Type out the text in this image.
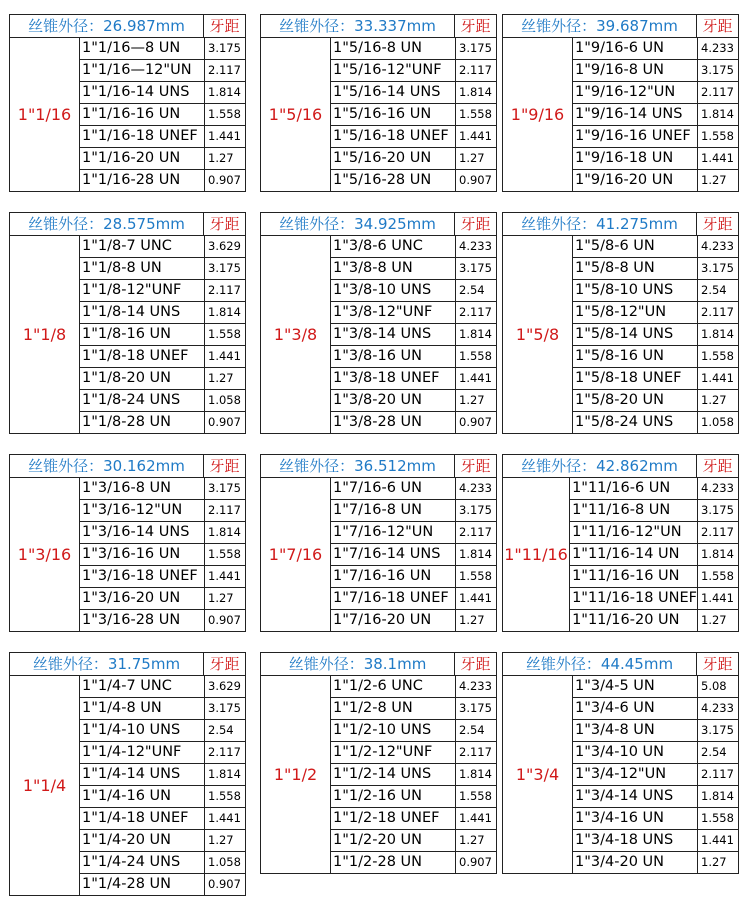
丝锥外径：26.987mm	牙距
1"1/16
1"1/16—8 UN	3.175
1"1/16—12"UN	2.117
1"1/16-14 UNS	1.814
1"1/16-16 UN	1.558
1"1/16-18 UNEF 1.441
1"1/16-20 UN	1.27
1"1/16-28 UN	0.907
丝锥外径：33.337mm	牙距
1"5/16
1"5/16-8 UN	3.175
1"5/16-12"UNF	2.117
1"5/16-14 UNS	1.814
1"5/16-16 UN	1.558
1"5/16-18 UNEF 1.441
1"5/16-20 UN	1.27
1"5/16-28 UN	0.907
丝锥外径：39.687mm	牙距
1"9/16
1"9/16-6 UN	4.233
1"9/16-8 UN	3.175
1"9/16-12"UN	2.117
1"9/16-14 UNS	1.814
1"9/16-16 UNEF 1.558
1"9/16-18 UN	1.441
1"9/16-20 UN	1.27
丝锥外径：28.575mm	牙距
1"1/8
1"1/8-7 UNC	3.629
1"1/8-8 UN	3.175
1"1/8-12"UNF	2.117
1"1/8-14 UNS	1.814
1"1/8-16 UN	1.558
1"1/8-18 UNEF	1.441
1"1/8-20 UN	1.27
1"1/8-24 UNS	1.058
1"1/8-28 UN	0.907
丝锥外径：34.925mm	牙距
1"3/8
1"3/8-6 UNC	4.233
1"3/8-8 UN	3.175
1"3/8-10 UNS	2.54
1"3/8-12"UNF	2.117
1"3/8-14 UNS	1.814
1"3/8-16 UN	1.558
1"3/8-18 UNEF	1.441
1"3/8-20 UN	1.27
1"3/8-28 UN	0.907
丝锥外径：41.275mm	牙距
1"5/8
1"5/8-6 UN	4.233
1"5/8-8 UN	3.175
1"5/8-10 UNS	2.54
1"5/8-12"UN	2.117
1"5/8-14 UNS	1.814
1"5/8-16 UN	1.558
1"5/8-18 UNEF	1.441
1"5/8-20 UN	1.27
1"5/8-24 UNS	1.058
丝锥外径：30.162mm	牙距
1"3/16
1"3/16-8 UN	3.175
1"3/16-12"UN	2.117
1"3/16-14 UNS	1.814
1"3/16-16 UN	1.558
1"3/16-18 UNEF 1.441
1"3/16-20 UN	1.27
1"3/16-28 UN	0.907
丝锥外径：36.512mm	牙距
1"7/16
1"7/16-6 UN	4.233
1"7/16-8 UN	3.175
1"7/16-12"UN	2.117
1"7/16-14 UNS	1.814
1"7/16-16 UN	1.558
1"7/16-18 UNEF 1.441
1"7/16-20 UN	1.27
丝锥外径：42.862mm	牙距
1"11/16
1"11/16-6 UN	4.233
1"11/16-8 UN	3.175
1"11/16-12"UN	2.117
1"11/16-14 UN	1.814
1"11/16-16 UN	1.558
1"11/16-18 UNEF 1.441
1"11/16-20 UN	1.27
丝锥外径：31.75mm	牙距
1"1/4
1"1/4-7 UNC	3.629
1"1/4-8 UN	3.175
1"1/4-10 UNS	2.54
1"1/4-12"UNF	2.117
1"1/4-14 UNS	1.814
1"1/4-16 UN	1.558
1"1/4-18 UNEF	1.441
1"1/4-20 UN	1.27
1"1/4-24 UNS	1.058
1"1/4-28 UN	0.907
丝锥外径：38.1mm	牙距
1"1/2
1"1/2-6 UNC	4.233
1"1/2-8 UN	3.175
1"1/2-10 UNS	2.54
1"1/2-12"UNF	2.117
1"1/2-14 UNS	1.814
1"1/2-16 UN	1.558
1"1/2-18 UNEF	1.441
1"1/2-20 UN	1.27
1"1/2-28 UN	0.907
丝锥外径：44.45mm	牙距
1"3/4
1"3/4-5 UN	5.08
1"3/4-6 UN	4.233
1"3/4-8 UN	3.175
1"3/4-10 UN	2.54
1"3/4-12"UN	2.117
1"3/4-14 UNS	1.814
1"3/4-16 UN	1.558
1"3/4-18 UNS	1.441
1"3/4-20 UN	1.27
